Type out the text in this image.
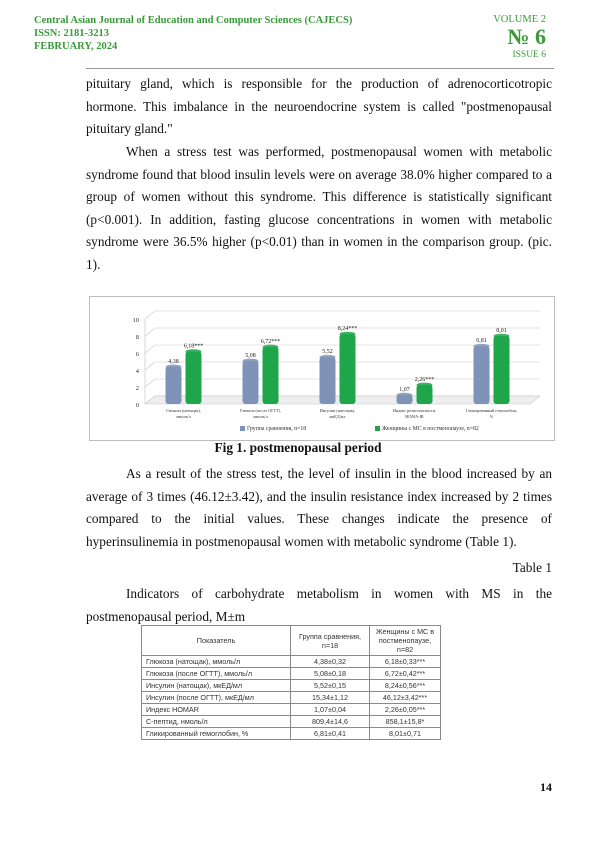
Central Asian Journal of Education and Computer Sciences (CAJECS)
ISSN: 2181-3213
FEBRUARY, 2024
VOLUME 2
№ 6
ISSUE 6
pituitary gland, which is responsible for the production of adrenocorticotropic hormone. This imbalance in the neuroendocrine system is called "postmenopausal pituitary gland."
When a stress test was performed, postmenopausal women with metabolic syndrome found that blood insulin levels were on average 38.0% higher compared to a group of women without this syndrome. This difference is statistically significant (p<0.001). In addition, fasting glucose concentrations in women with metabolic syndrome were 36.5% higher (p<0.01) than in women in the comparison group. (pic. 1).
0
2
4
6
8
10
4,38
6,18***
Глюкоза (натощак),
ммоль/л
5,08
6,72***
Глюкоза (после ОГТТ),
ммоль/л
5,52
8,24***
Инсулин (натощак),
мкЕД/мл
1,07
2,26***
Индекс резистентности,
HOMA-IR
6,81
8,01
Гликированный гемоглобин,
%
Группа сравнения, n=18	Женщины с МС в постменопаузе, n=82
Fig 1. postmenopausal period
As a result of the stress test, the level of insulin in the blood increased by an average of 3 times (46.12±3.42), and the insulin resistance index increased by 2 times compared to the initial values. These changes indicate the presence of hyperinsulinemia in postmenopausal women with metabolic syndrome (Table 1).
Table 1
Indicators of carbohydrate metabolism in women with MS in the postmenopausal period, M±m
Показатель	Группа сравнения, n=18	Женщины с МС в постменопаузе, n=82
Глюкоза (натощак), ммоль/л	4,38±0,32	6,18±0,33***
Глюкоза (после ОГТТ), ммоль/л	5,08±0,18	6,72±0,42***
Инсулин (натощак), мкЕД/мл	5,52±0,15	8,24±0,56***
Инсулин (после ОГТТ), мкЕД/мл	15,34±1,12	46,12±3,42***
Индекс HOMAR	1,07±0,04	2,26±0,05***
С-пептид, нмоль/л	809,4±14,6	858,1±15,8*
Гликированный гемоглобин, %	6,81±0,41	8,01±0,71
14
